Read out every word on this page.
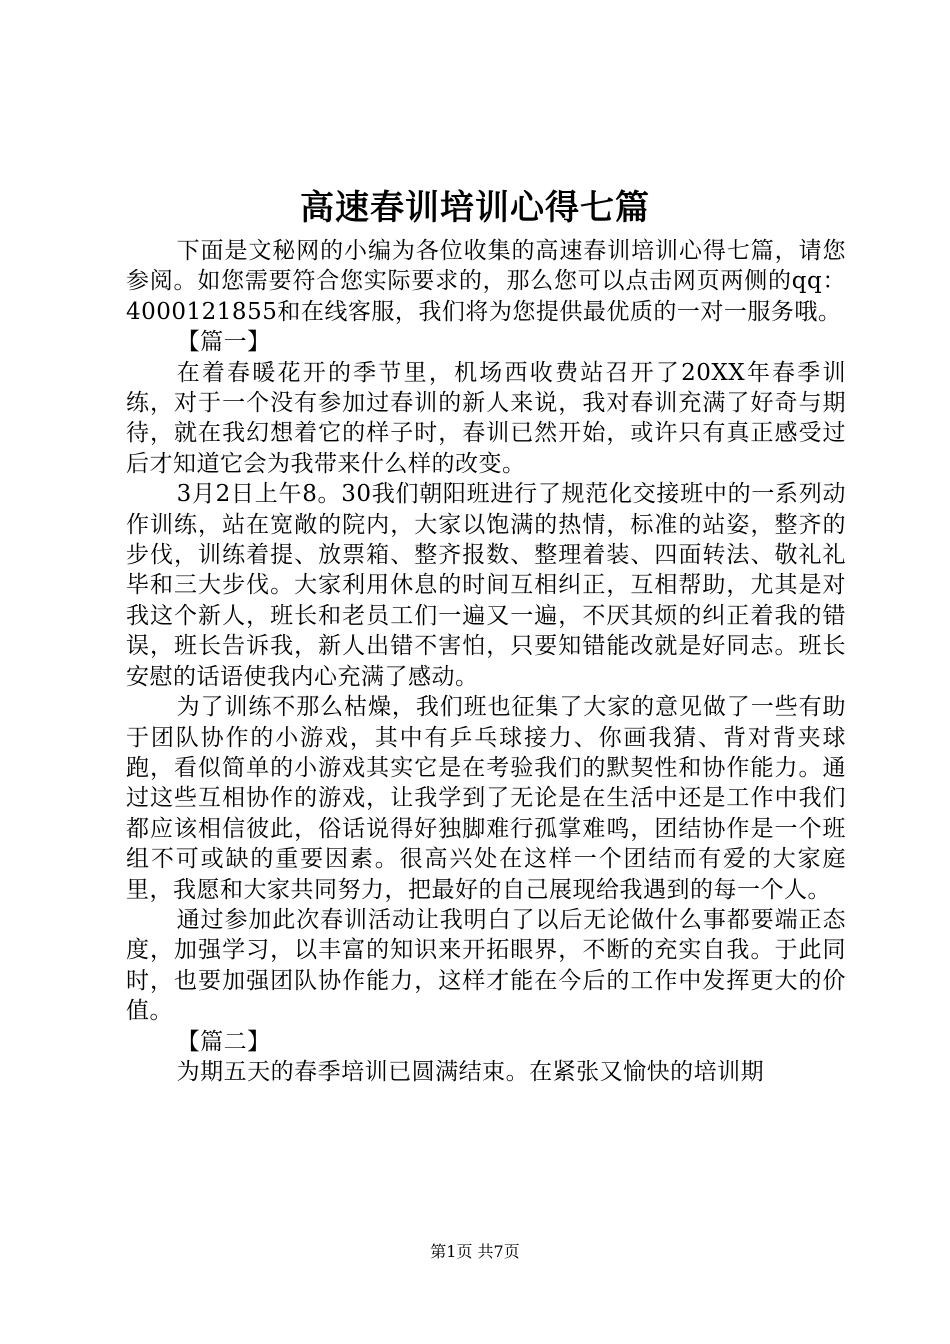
高速春训培训心得七篇

下面是文秘网的小编为各位收集的高速春训培训心得七篇，请您参阅。如您需要符合您实际要求的，那么您可以点击网页两侧的qq：4000121855和在线客服，我们将为您提供最优质的一对一服务哦。

【篇一】

在着春暖花开的季节里，机场西收费站召开了20XX年春季训练，对于一个没有参加过春训的新人来说，我对春训充满了好奇与期待，就在我幻想着它的样子时，春训已然开始，或许只有真正感受过后才知道它会为我带来什么样的改变。

3月2日上午8。30我们朝阳班进行了规范化交接班中的一系列动作训练，站在宽敞的院内，大家以饱满的热情，标准的站姿，整齐的步伐，训练着提、放票箱、整齐报数、整理着装、四面转法、敬礼礼毕和三大步伐。大家利用休息的时间互相纠正，互相帮助，尤其是对我这个新人，班长和老员工们一遍又一遍，不厌其烦的纠正着我的错误，班长告诉我，新人出错不害怕，只要知错能改就是好同志。班长安慰的话语使我内心充满了感动。

为了训练不那么枯燥，我们班也征集了大家的意见做了一些有助于团队协作的小游戏，其中有乒乓球接力、你画我猜、背对背夹球跑，看似简单的小游戏其实它是在考验我们的默契性和协作能力。通过这些互相协作的游戏，让我学到了无论是在生活中还是工作中我们都应该相信彼此，俗话说得好独脚难行孤掌难鸣，团结协作是一个班组不可或缺的重要因素。很高兴处在这样一个团结而有爱的大家庭里，我愿和大家共同努力，把最好的自己展现给我遇到的每一个人。

通过参加此次春训活动让我明白了以后无论做什么事都要端正态度，加强学习，以丰富的知识来开拓眼界，不断的充实自我。于此同时，也要加强团队协作能力，这样才能在今后的工作中发挥更大的价值。

【篇二】

为期五天的春季培训已圆满结束。在紧张又愉快的培训期

第1页 共7页
